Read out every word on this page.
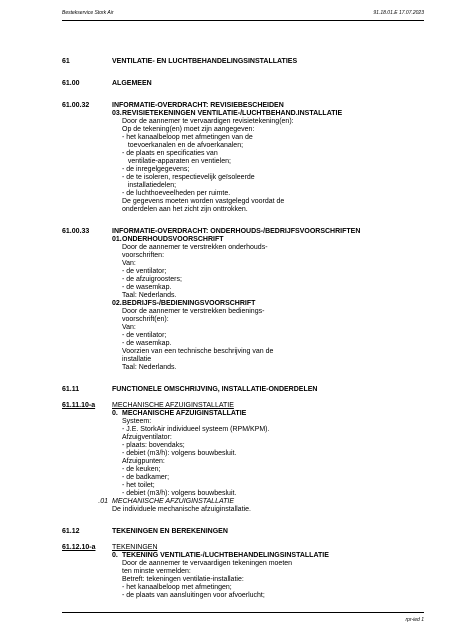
Bestekservice Stork Air	91.18.01.E 17.07.2023
61	VENTILATIE- EN LUCHTBEHANDELINGSINSTALLATIES
61.00	ALGEMEEN
61.00.32	INFORMATIE-OVERDRACHT: REVISIEBESCHEIDEN
03.REVISIETEKENINGEN VENTILATIE-/LUCHTBEHAND.INSTALLATIE
Door de aannemer te vervaardigen revisietekening(en):
Op de tekening(en) moet zijn aangegeven:
- het kanaalbeloop met afmetingen van de
toevoerkanalen en de afvoerkanalen;
- de plaats en specificaties van
ventilatie-apparaten en ventielen;
- de inregelgegevens;
- de te isoleren, respectievelijk geïsoleerde
installatiedelen;
- de luchthoeveelheden per ruimte.
De gegevens moeten worden vastgelegd voordat de
onderdelen aan het zicht zijn onttrokken.
61.00.33	INFORMATIE-OVERDRACHT: ONDERHOUDS-/BEDRIJFSVOORSCHRIFTEN
01.ONDERHOUDSVOORSCHRIFT
Door de aannemer te verstrekken onderhouds-
voorschriften:
Van:
- de ventilator;
- de afzuigroosters;
- de wasemkap.
Taal: Nederlands.
02.BEDRIJFS-/BEDIENINGSVOORSCHRIFT
Door de aannemer te verstrekken bedienings-
voorschrift(en):
Van:
- de ventilator;
- de wasemkap.
Voorzien van een technische beschrijving van de
installatie
Taal: Nederlands.
61.11	FUNCTIONELE OMSCHRIJVING, INSTALLATIE-ONDERDELEN
61.11.10-a	MECHANISCHE AFZUIGINSTALLATIE
0. MECHANISCHE AFZUIGINSTALLATIE
Systeem:
- J.E. StorkAir individueel systeem (RPM/KPM).
Afzuigventilator:
- plaats: bovendaks;
- debiet (m3/h): volgens bouwbesluit.
Afzuigpunten:
- de keuken;
- de badkamer;
- het toilet;
- debiet (m3/h): volgens bouwbesluit.
.01 MECHANISCHE AFZUIGINSTALLATIE
De individuele mechanische afzuiginstallatie.
61.12	TEKENINGEN EN BEREKENINGEN
61.12.10-a	TEKENINGEN
0. TEKENING VENTILATIE-/LUCHTBEHANDELINGSINSTALLATIE
Door de aannemer te vervaardigen tekeningen moeten
ten minste vermelden:
Betreft: tekeningen ventilatie-installatie:
- het kanaalbeloop met afmetingen;
- de plaats van aansluitingen voor afvoerlucht;
rpr-ied 1
